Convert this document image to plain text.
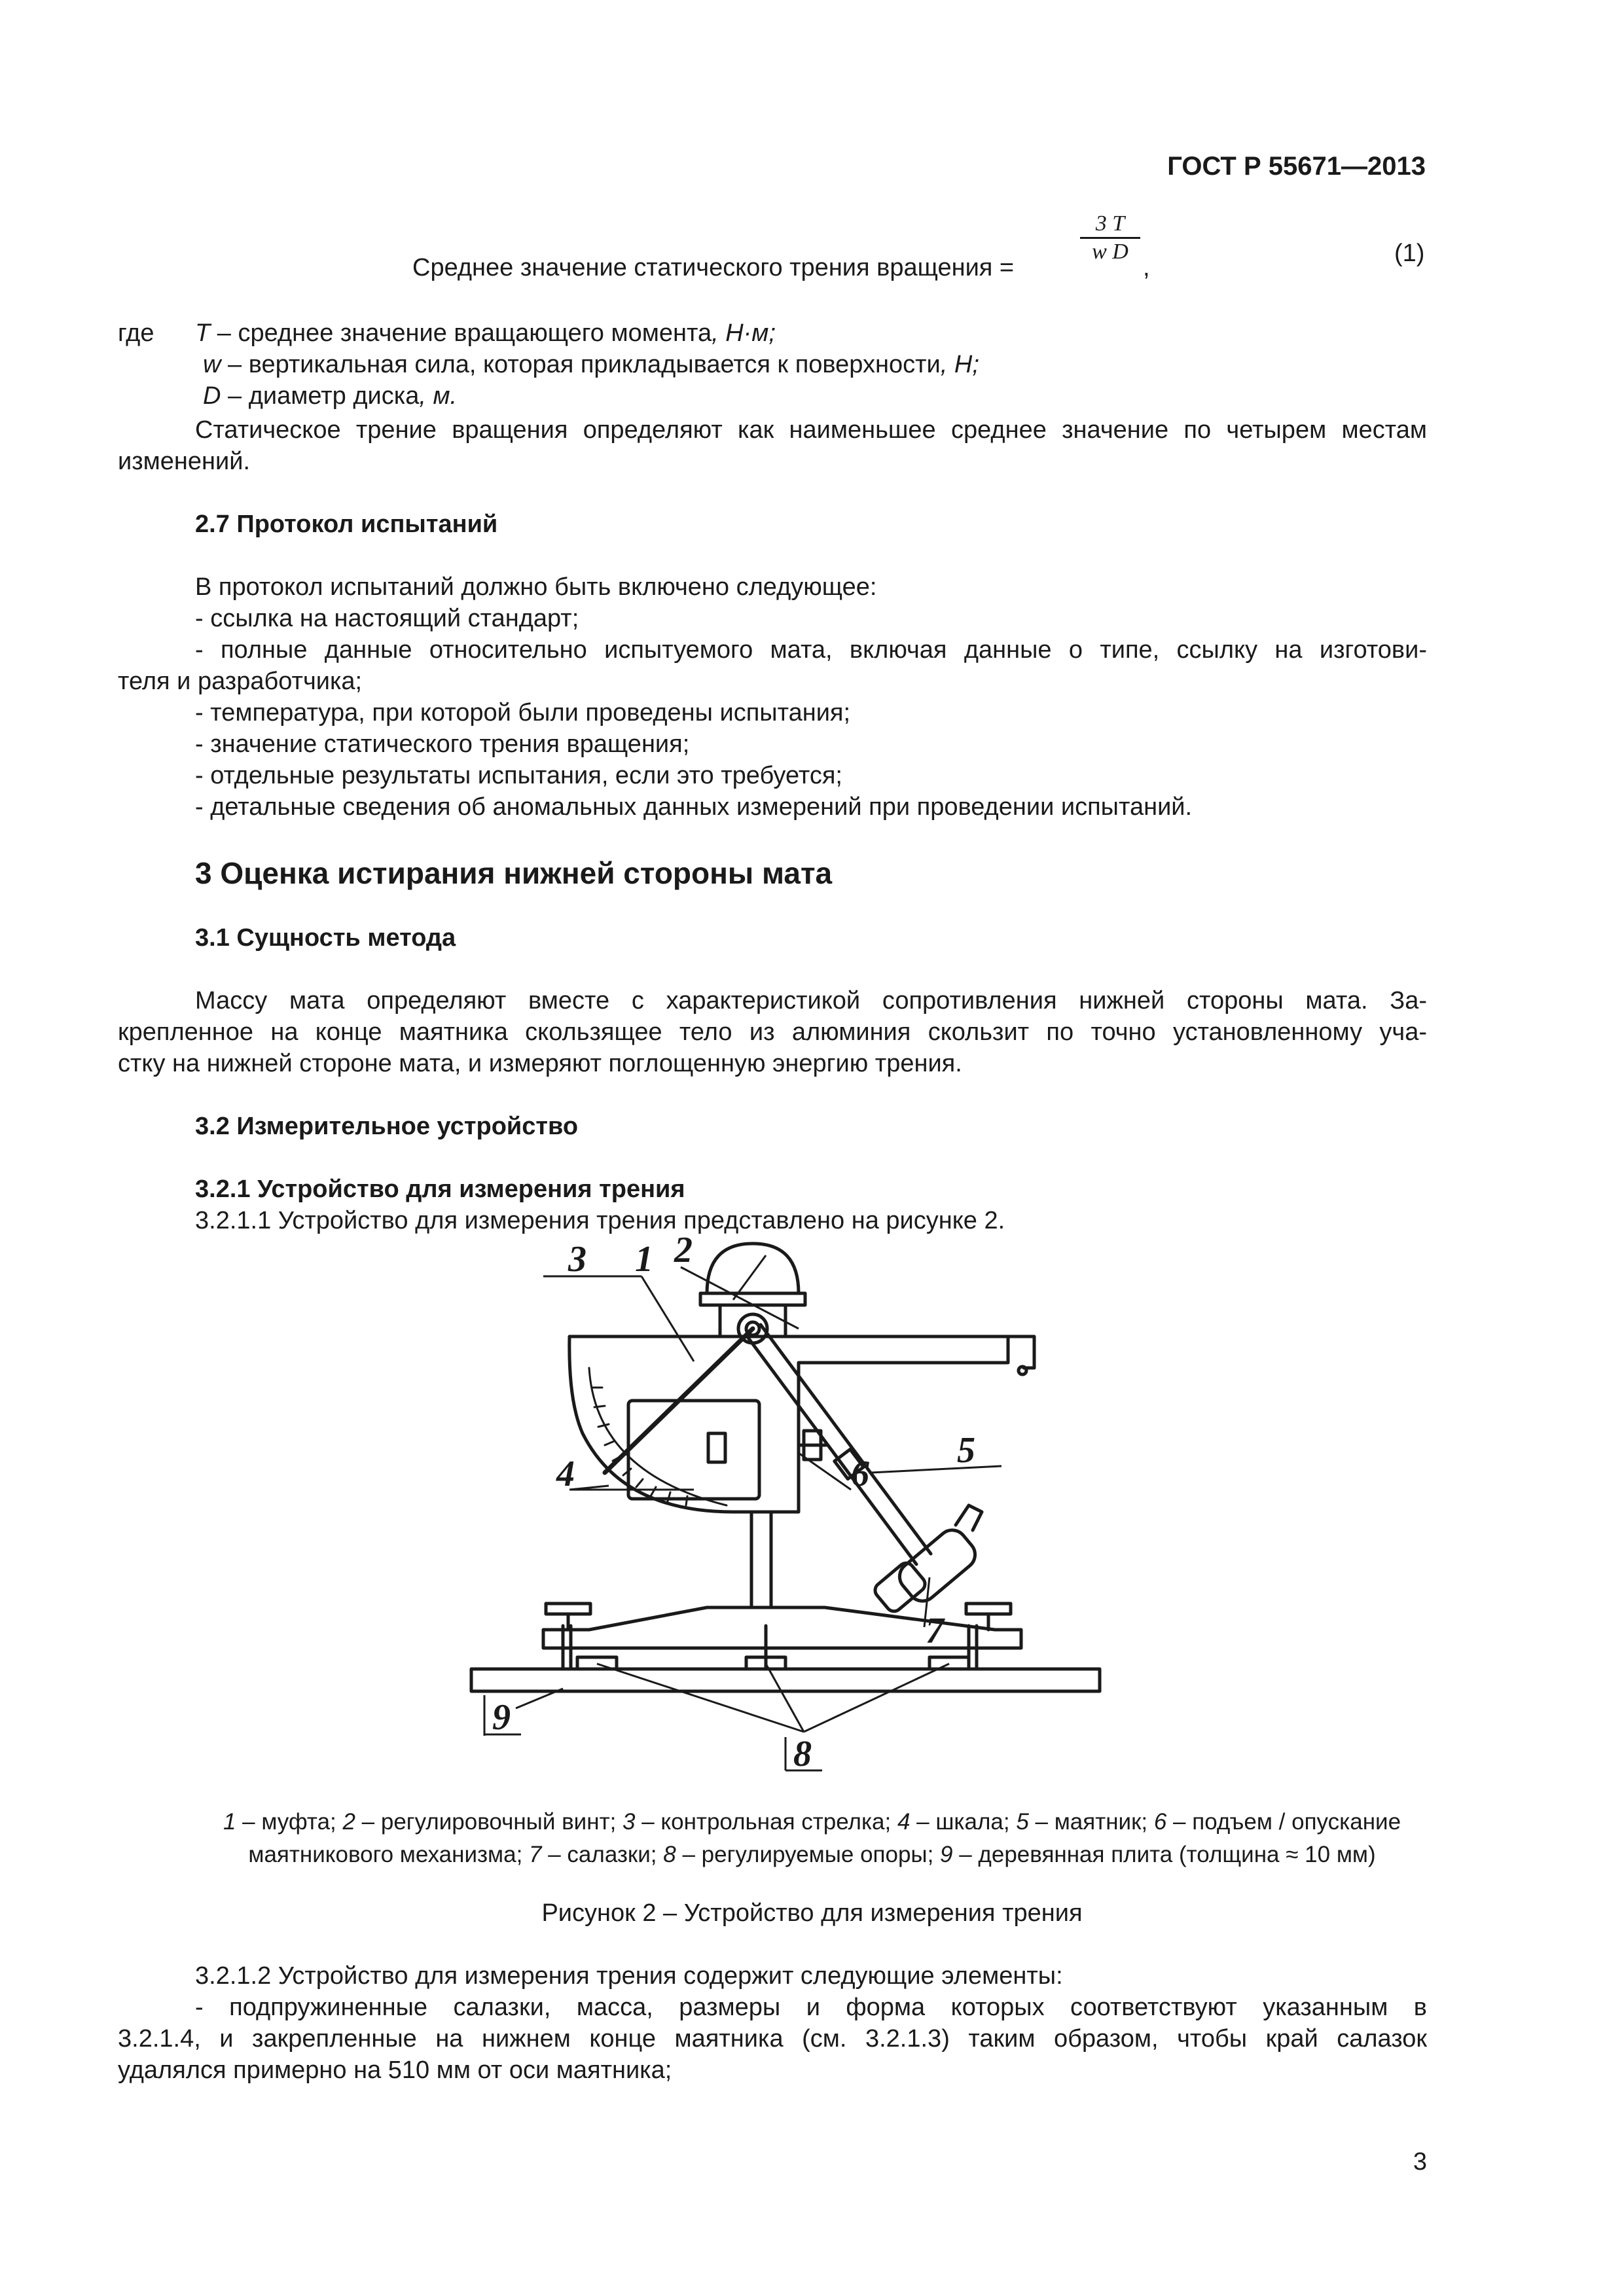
ГОСТ Р 55671—2013
Среднее значение статического трения вращения =
$\frac{3 T}{\text{w D}}$
,
(1)
где T – среднее значение вращающего момента, Н·м;
w – вертикальная сила, которая прикладывается к поверхности, Н;
D – диаметр диска, м.
Статическое трение вращения определяют как наименьшее среднее значение по четырем местам
изменений.
2.7 Протокол испытаний
В протокол испытаний должно быть включено следующее:
- ссылка на настоящий стандарт;
- полные данные относительно испытуемого мата, включая данные о типе, ссылку на изготови-
теля и разработчика;
- температура, при которой были проведены испытания;
- значение статического трения вращения;
- отдельные результаты испытания, если это требуется;
- детальные сведения об аномальных данных измерений при проведении испытаний.
3 Оценка истирания нижней стороны мата
3.1 Сущность метода
Массу мата определяют вместе с характеристикой сопротивления нижней стороны мата. За-
крепленное на конце маятника скользящее тело из алюминия скользит по точно установленному уча-
стку на нижней стороне мата, и измеряют поглощенную энергию трения.
3.2 Измерительное устройство
3.2.1 Устройство для измерения трения
3.2.1.1 Устройство для измерения трения представлено на рисунке 2.
3 1 2
5
4	6
7
9
8
1 – муфта; 2 – регулировочный винт; 3 – контрольная стрелка; 4 – шкала; 5 – маятник; 6 – подъем / опускание
маятникового механизма; 7 – салазки; 8 – регулируемые опоры; 9 – деревянная плита (толщина ≈ 10 мм)
Рисунок 2 – Устройство для измерения трения
3.2.1.2 Устройство для измерения трения содержит следующие элементы:
- подпружиненные салазки, масса, размеры и форма которых соответствуют указанным в
3.2.1.4, и закрепленные на нижнем конце маятника (см. 3.2.1.3) таким образом, чтобы край салазок
удалялся примерно на 510 мм от оси маятника;
3
